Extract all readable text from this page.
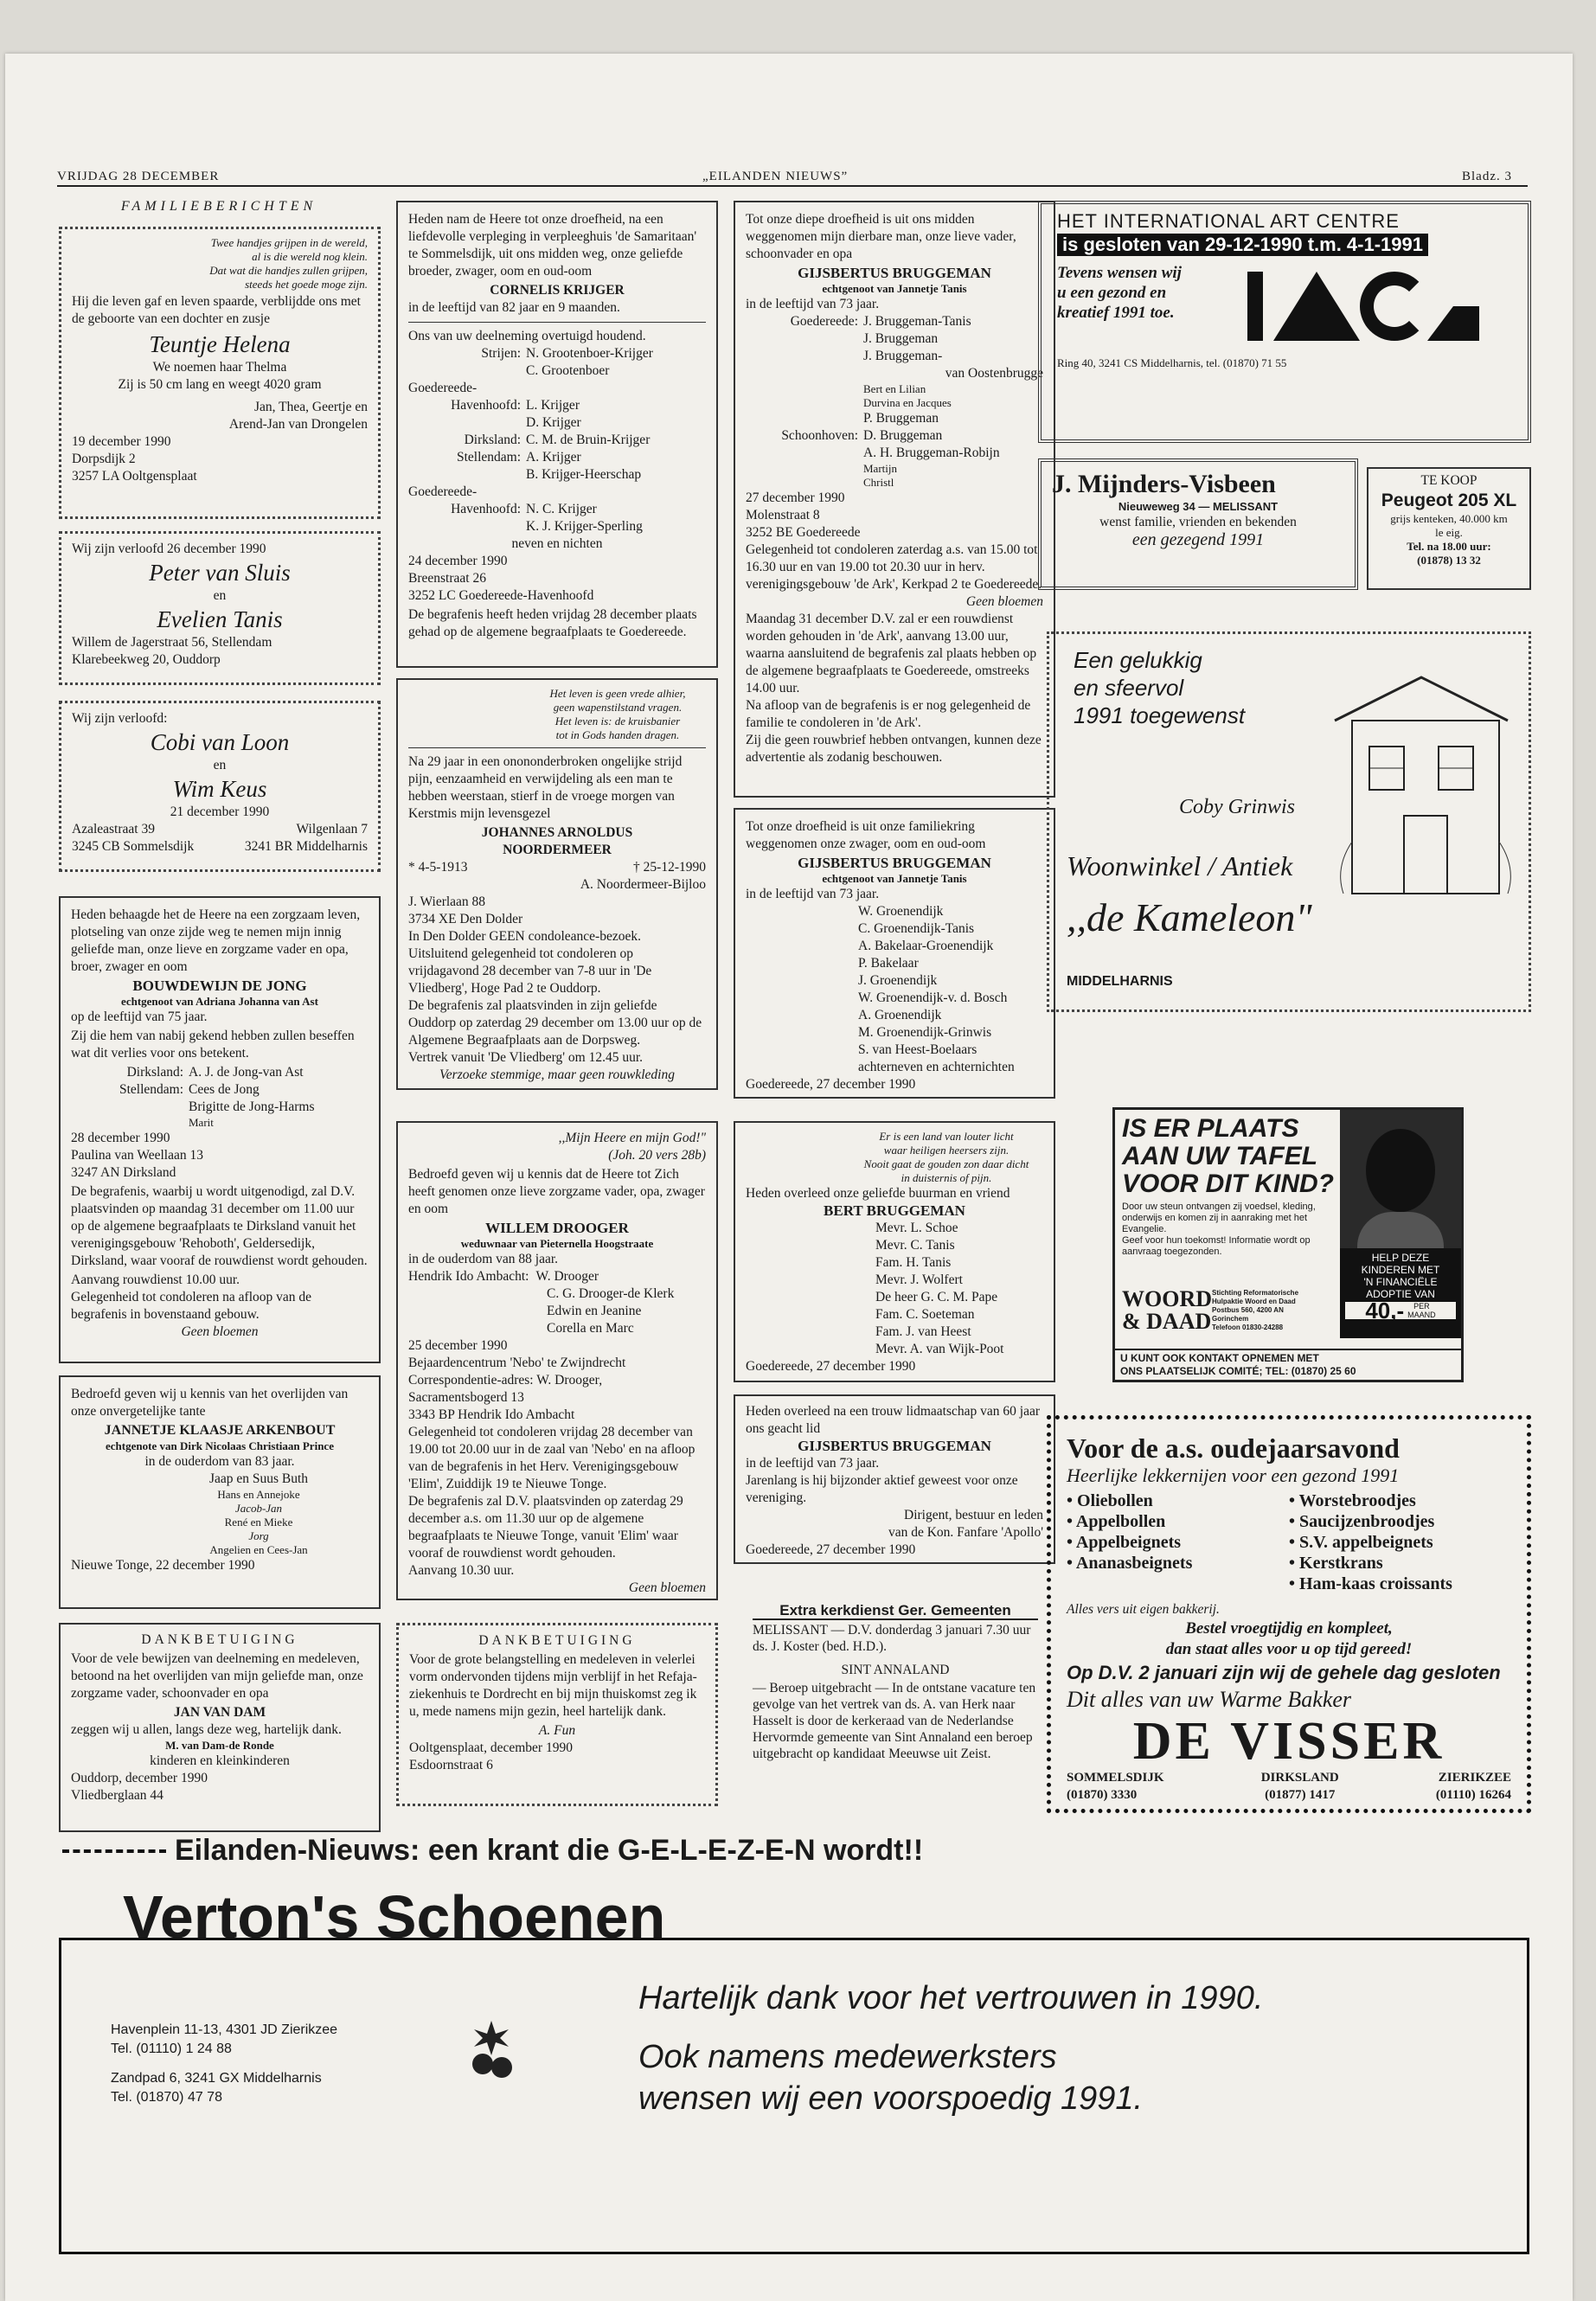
VRIJDAG 28 DECEMBER	„EILANDEN NIEUWS”	Bladz. 3
FAMILIEBERICHTEN
Twee handjes grijpen in de wereld,
al is die wereld nog klein.
Dat wat die handjes zullen grijpen,
steeds het goede moge zijn.

Hij die leven gaf en leven spaarde, verblijdde ons met de geboorte van een dochter en zusje

Teuntje Helena
We noemen haar Thelma
Zij is 50 cm lang en weegt 4020 gram
Jan, Thea, Geertje en
Arend-Jan van Drongelen
19 december 1990
Dorpsdijk 2
3257 LA Ooltgensplaat
Wij zijn verloofd 26 december 1990
Peter van Sluis
en
Evelien Tanis
Willem de Jagerstraat 56, Stellendam
Klarebeekweg 20, Ouddorp
Wij zijn verloofd:
Cobi van Loon
en
Wim Keus
21 december 1990
Azaleastraat 39	Wilgenlaan 7
3245 CB Sommelsdijk	3241 BR Middelharnis

Heden behaagde het de Heere na een zorgzaam leven, plotseling van onze zijde weg te nemen mijn innig geliefde man, onze lieve en zorgzame vader en opa, broer, zwager en oom

BOUWDEWIJN DE JONG
echtgenoot van Adriana Johanna van Ast
op de leeftijd van 75 jaar.

Zij die hem van nabij gekend hebben zullen beseffen wat dit verlies voor ons betekent.

Dirksland: A. J. de Jong-van Ast
Stellendam: Cees de Jong
Brigitte de Jong-Harms
Marit
28 december 1990
Paulina van Weellaan 13
3247 AN Dirksland

De begrafenis, waarbij u wordt uitgenodigd, zal D.V. plaatsvinden op maandag 31 december om 11.00 uur op de algemene begraafplaats te Dirksland vanuit het verenigingsgebouw 'Rehoboth', Geldersedijk, Dirksland, waar vooraf de rouwdienst wordt gehouden.

Aanvang rouwdienst 10.00 uur.
Gelegenheid tot condoleren na afloop van de begrafenis in bovenstaand gebouw.
Geen bloemen

Bedroefd geven wij u kennis van het overlijden van onze onvergetelijke tante

JANNETJE KLAASJE ARKENBOUT
echtgenote van Dirk Nicolaas Christiaan Prince
in de ouderdom van 83 jaar.
Jaap en Suus Buth
Hans en Annejoke
Jacob-Jan
René en Mieke
Jorg
Angelien en Cees-Jan
Nieuwe Tonge, 22 december 1990
DANKBETUIGING

Voor de vele bewijzen van deelneming en medeleven, betoond na het overlijden van mijn geliefde man, onze zorgzame vader, schoonvader en opa

JAN VAN DAM
zeggen wij u allen, langs deze weg, hartelijk dank.
M. van Dam-de Ronde
kinderen en kleinkinderen
Ouddorp, december 1990
Vliedberglaan 44

Heden nam de Heere tot onze droefheid, na een liefdevolle verpleging in verpleeghuis 'de Samaritaan' te Sommelsdijk, uit ons midden weg, onze geliefde broeder, zwager, oom en oud-oom

CORNELIS KRIJGER
in de leeftijd van 82 jaar en 9 maanden.
Ons van uw deelneming overtuigd houdend.
Strijen: N. Grootenboer-Krijger
C. Grootenboer
Goedereede-
Havenhoofd: L. Krijger
D. Krijger
Dirksland: C. M. de Bruin-Krijger
Stellendam: A. Krijger
B. Krijger-Heerschap
Goedereede-
Havenhoofd: N. C. Krijger
K. J. Krijger-Sperling
neven en nichten
24 december 1990
Breenstraat 26
3252 LC Goedereede-Havenhoofd

De begrafenis heeft heden vrijdag 28 december plaats gehad op de algemene begraafplaats te Goedereede.

Het leven is geen vrede alhier,
geen wapenstilstand vragen.
Het leven is: de kruisbanier
tot in Gods handen dragen.

Na 29 jaar in een onononderbroken ongelijke strijd pijn, eenzaamheid en verwijdeling als een man te hebben weerstaan, stierf in de vroege morgen van Kerstmis mijn levensgezel

JOHANNES ARNOLDUS
NOORDERMEER
* 4-5-1913	† 25-12-1990
A. Noordermeer-Bijloo
J. Wierlaan 88
3734 XE Den Dolder
In Den Dolder GEEN condoleance-bezoek.
Uitsluitend gelegenheid tot condoleren op vrijdagavond 28 december van 7-8 uur in 'De Vliedberg', Hoge Pad 2 te Ouddorp.
De begrafenis zal plaatsvinden in zijn geliefde Ouddorp op zaterdag 29 december om 13.00 uur op de Algemene Begraafplaats aan de Dorpsweg.
Vertrek vanuit 'De Vliedberg' om 12.45 uur.
Verzoeke stemmige, maar geen rouwkleding
,,Mijn Heere en mijn God!"
(Joh. 20 vers 28b)

Bedroefd geven wij u kennis dat de Heere tot Zich heeft genomen onze lieve zorgzame vader, opa, zwager en oom

WILLEM DROOGER
weduwnaar van Pieternella Hoogstraate
in de ouderdom van 88 jaar.
Hendrik Ido Ambacht: W. Drooger
C. G. Drooger-de Klerk
Edwin en Jeanine
Corella en Marc
25 december 1990
Bejaardencentrum 'Nebo' te Zwijndrecht
Correspondentie-adres: W. Drooger,
Sacramentsbogerd 13
3343 BP Hendrik Ido Ambacht
Gelegenheid tot condoleren vrijdag 28 december van 19.00 tot 20.00 uur in de zaal van 'Nebo' en na afloop van de begrafenis in het Herv. Verenigingsgebouw 'Elim', Zuiddijk 19 te Nieuwe Tonge.
De begrafenis zal D.V. plaatsvinden op zaterdag 29 december a.s. om 11.30 uur op de algemene begraafplaats te Nieuwe Tonge, vanuit 'Elim' waar vooraf de rouwdienst wordt gehouden.
Aanvang 10.30 uur.
Geen bloemen
DANKBETUIGING

Voor de grote belangstelling en medeleven in velerlei vorm ondervonden tijdens mijn verblijf in het Refaja-ziekenhuis te Dordrecht en bij mijn thuiskomst zeg ik u, mede namens mijn gezin, heel hartelijk dank.

A. Fun
Ooltgensplaat, december 1990
Esdoornstraat 6

Tot onze diepe droefheid is uit ons midden weggenomen mijn dierbare man, onze lieve vader, schoonvader en opa

GIJSBERTUS BRUGGEMAN
echtgenoot van Jannetje Tanis
in de leeftijd van 73 jaar.
Goedereede: J. Bruggeman-Tanis
J. Bruggeman
J. Bruggeman-
van Oostenbrugge
Bert en Lilian
Durvina en Jacques
P. Bruggeman
Schoonhoven: D. Bruggeman
A. H. Bruggeman-Robijn
Martijn
Christl
27 december 1990
Molenstraat 8
3252 BE Goedereede
Gelegenheid tot condoleren zaterdag a.s. van 15.00 tot 16.30 uur en van 19.00 tot 20.30 uur in herv. verenigingsgebouw 'de Ark', Kerkpad 2 te Goedereede.
Geen bloemen
Maandag 31 december D.V. zal er een rouwdienst worden gehouden in 'de Ark', aanvang 13.00 uur, waarna aansluitend de begrafenis zal plaats hebben op de algemene begraafplaats te Goedereede, omstreeks 14.00 uur.
Na afloop van de begrafenis is er nog gelegenheid de familie te condoleren in 'de Ark'.
Zij die geen rouwbrief hebben ontvangen, kunnen deze advertentie als zodanig beschouwen.

Tot onze droefheid is uit onze familiekring weggenomen onze zwager, oom en oud-oom

GIJSBERTUS BRUGGEMAN
echtgenoot van Jannetje Tanis
in de leeftijd van 73 jaar.
W. Groenendijk
C. Groenendijk-Tanis
A. Bakelaar-Groenendijk
P. Bakelaar
J. Groenendijk
W. Groenendijk-v. d. Bosch
A. Groenendijk
M. Groenendijk-Grinwis
S. van Heest-Boelaars
achterneven en achternichten
Goedereede, 27 december 1990
Er is een land van louter licht
waar heiligen heersers zijn.
Nooit gaat de gouden zon daar dicht
in duisternis of pijn.
Heden overleed onze geliefde buurman en vriend
BERT BRUGGEMAN
Mevr. L. Schoe
Mevr. C. Tanis
Fam. H. Tanis
Mevr. J. Wolfert
De heer G. C. M. Pape
Fam. C. Soeteman
Fam. J. van Heest
Mevr. A. van Wijk-Poot
Goedereede, 27 december 1990
Heden overleed na een trouw lidmaatschap van 60 jaar ons geacht lid
GIJSBERTUS BRUGGEMAN
in de leeftijd van 73 jaar.
Jarenlang is hij bijzonder aktief geweest voor onze vereniging.
Dirigent, bestuur en leden
van de Kon. Fanfare 'Apollo'
Goedereede, 27 december 1990
Extra kerkdienst Ger. Gemeenten

MELISSANT — D.V. donderdag 3 januari 7.30 uur ds. J. Koster (bed. H.D.).

SINT ANNALAND

— Beroep uitgebracht — In de ontstane vacature ten gevolge van het vertrek van ds. A. van Herk naar Hasselt is door de kerkeraad van de Nederlandse Hervormde gemeente van Sint Annaland een beroep uitgebracht op kandidaat Meeuwse uit Zeist.

HET INTERNATIONAL ART CENTRE
is gesloten van 29-12-1990 t.m. 4-1-1991
Tevens wensen wij
u een gezond en
kreatief 1991 toe.
Ring 40, 3241 CS Middelharnis, tel. (01870) 71 55
J. Mijnders-Visbeen
Nieuweweg 34 — MELISSANT
wenst familie, vrienden en bekenden
een gezegend 1991
TE KOOP
Peugeot 205 XL
grijs kenteken, 40.000 km
le eig.
Tel. na 18.00 uur:
(01878) 13 32
Een gelukkig
en sfeervol
1991 toegewenst
Coby Grinwis
Woonwinkel / Antiek
,,de Kameleon"
MIDDELHARNIS
IS ER PLAATS
AAN UW TAFEL
VOOR DIT KIND?
Door uw steun ontvangen zij voedsel, kleding, onderwijs en komen zij in aanraking met het Evangelie.
Geef voor hun toekomst! Informatie wordt op aanvraag toegezonden.
WOORD
& DAAD
Stichting Reformatorische
Hulpaktie Woord en Daad
Postbus 560, 4200 AN Gorinchem
Telefoon 01830-24288
HELP DEZE
KINDEREN MET
'N FINANCIËLE
ADOPTIE VAN
40,-	PER
MAAND
U KUNT OOK KONTAKT OPNEMEN MET
ONS PLAATSELIJK COMITÉ; TEL: (01870) 25 60
Voor de a.s. oudejaarsavond
Heerlijke lekkernijen voor een gezond 1991
• Oliebollen	• Worstebroodjes
• Appelbollen	• Saucijzenbroodjes
• Appelbeignets	• S.V. appelbeignets
• Ananasbeignets	• Kerstkrans
• Ham-kaas croissants
Alles vers uit eigen bakkerij.
Bestel vroegtijdig en kompleet,
dan staat alles voor u op tijd gereed!
Op D.V. 2 januari zijn wij de gehele dag gesloten
Dit alles van uw Warme Bakker
DE VISSER
SOMMELSDIJK
(01870) 3330
DIRKSLAND
(01877) 1417
ZIERIKZEE
(01110) 16264
Eilanden-Nieuws: een krant die G-E-L-E-Z-E-N wordt!!
Verton's Schoenen
Havenplein 11-13, 4301 JD Zierikzee
Tel. (01110) 1 24 88
Zandpad 6, 3241 GX Middelharnis
Tel. (01870) 47 78
Hartelijk dank voor het vertrouwen in 1990.
Ook namens medewerksters
wensen wij een voorspoedig 1991.
